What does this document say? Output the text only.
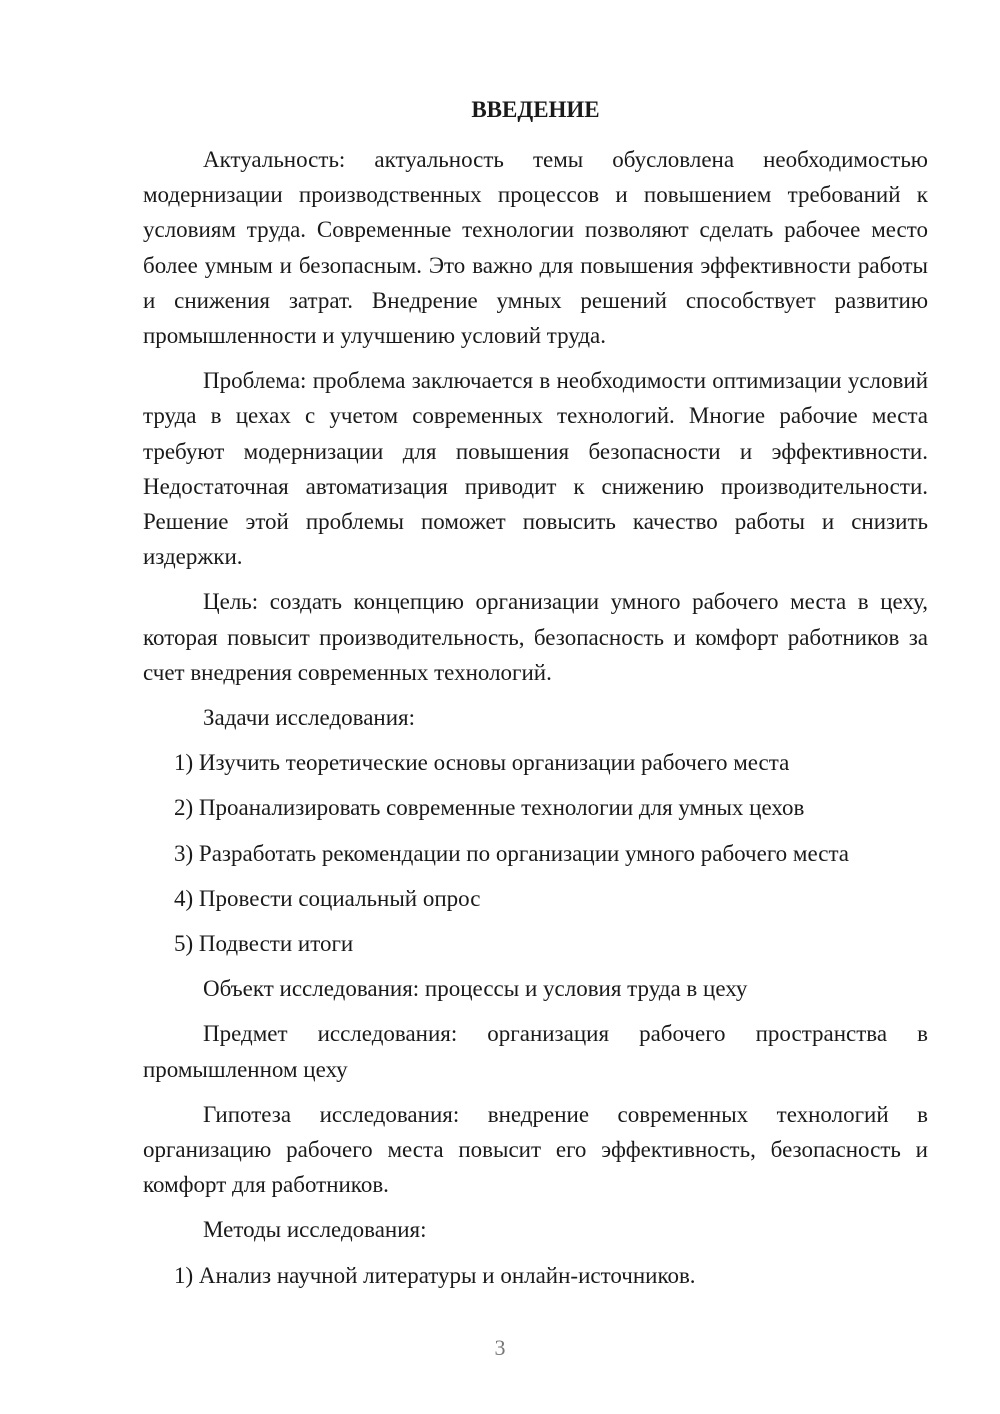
ВВЕДЕНИЕ

Актуальность: актуальность темы обусловлена необходимостью модернизации производственных процессов и повышением требований к условиям труда. Современные технологии позволяют сделать рабочее место более умным и безопасным. Это важно для повышения эффективности работы и снижения затрат. Внедрение умных решений способствует развитию промышленности и улучшению условий труда.

Проблема: проблема заключается в необходимости оптимизации условий труда в цехах с учетом современных технологий. Многие рабочие места требуют модернизации для повышения безопасности и эффективности. Недостаточная автоматизация приводит к снижению производительности. Решение этой проблемы поможет повысить качество работы и снизить издержки.

Цель: создать концепцию организации умного рабочего места в цеху, которая повысит производительность, безопасность и комфорт работников за счет внедрения современных технологий.

Задачи исследования:

1) Изучить теоретические основы организации рабочего места

2) Проанализировать современные технологии для умных цехов

3) Разработать рекомендации по организации умного рабочего места

4) Провести социальный опрос

5) Подвести итоги

Объект исследования: процессы и условия труда в цеху

Предмет исследования: организация рабочего пространства в промышленном цеху

Гипотеза исследования: внедрение современных технологий в организацию рабочего места повысит его эффективность, безопасность и комфорт для работников.

Методы исследования:

1) Анализ научной литературы и онлайн-источников.

3
